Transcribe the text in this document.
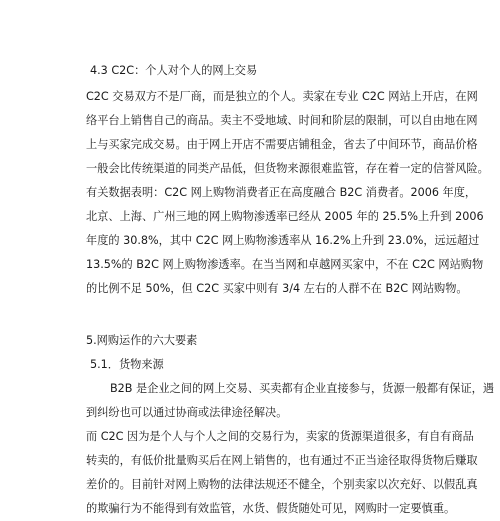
4.3 C2C：个人对个人的网上交易
C2C 交易双方不是厂商，而是独立的个人。卖家在专业 C2C 网站上开店，在网
络平台上销售自己的商品。卖主不受地域、时间和阶层的限制，可以自由地在网
上与买家完成交易。由于网上开店不需要店铺租金，省去了中间环节，商品价格
一般会比传统渠道的同类产品低，但货物来源很难监管，存在着一定的信誉风险。
有关数据表明：C2C 网上购物消费者正在高度融合 B2C 消费者。2006 年度，
北京、上海、广州三地的网上购物渗透率已经从 2005 年的 25.5%上升到 2006
年度的 30.8%，其中 C2C 网上购物渗透率从 16.2%上升到 23.0%，远远超过
13.5%的 B2C 网上购物渗透率。在当当网和卓越网买家中，不在 C2C 网站购物
的比例不足 50%，但 C2C 买家中则有 3/4 左右的人群不在 B2C 网站购物。
5.网购运作的六大要素
5.1．货物来源
B2B 是企业之间的网上交易、买卖都有企业直接参与，货源一般都有保证，遇
到纠纷也可以通过协商或法律途径解决。
而 C2C 因为是个人与个人之间的交易行为，卖家的货源渠道很多，有自有商品
转卖的，有低价批量购买后在网上销售的，也有通过不正当途径取得货物后赚取
差价的。目前针对网上购物的法律法规还不健全，个别卖家以次充好、以假乱真
的欺骗行为不能得到有效监管，水货、假货随处可见，网购时一定要慎重。
